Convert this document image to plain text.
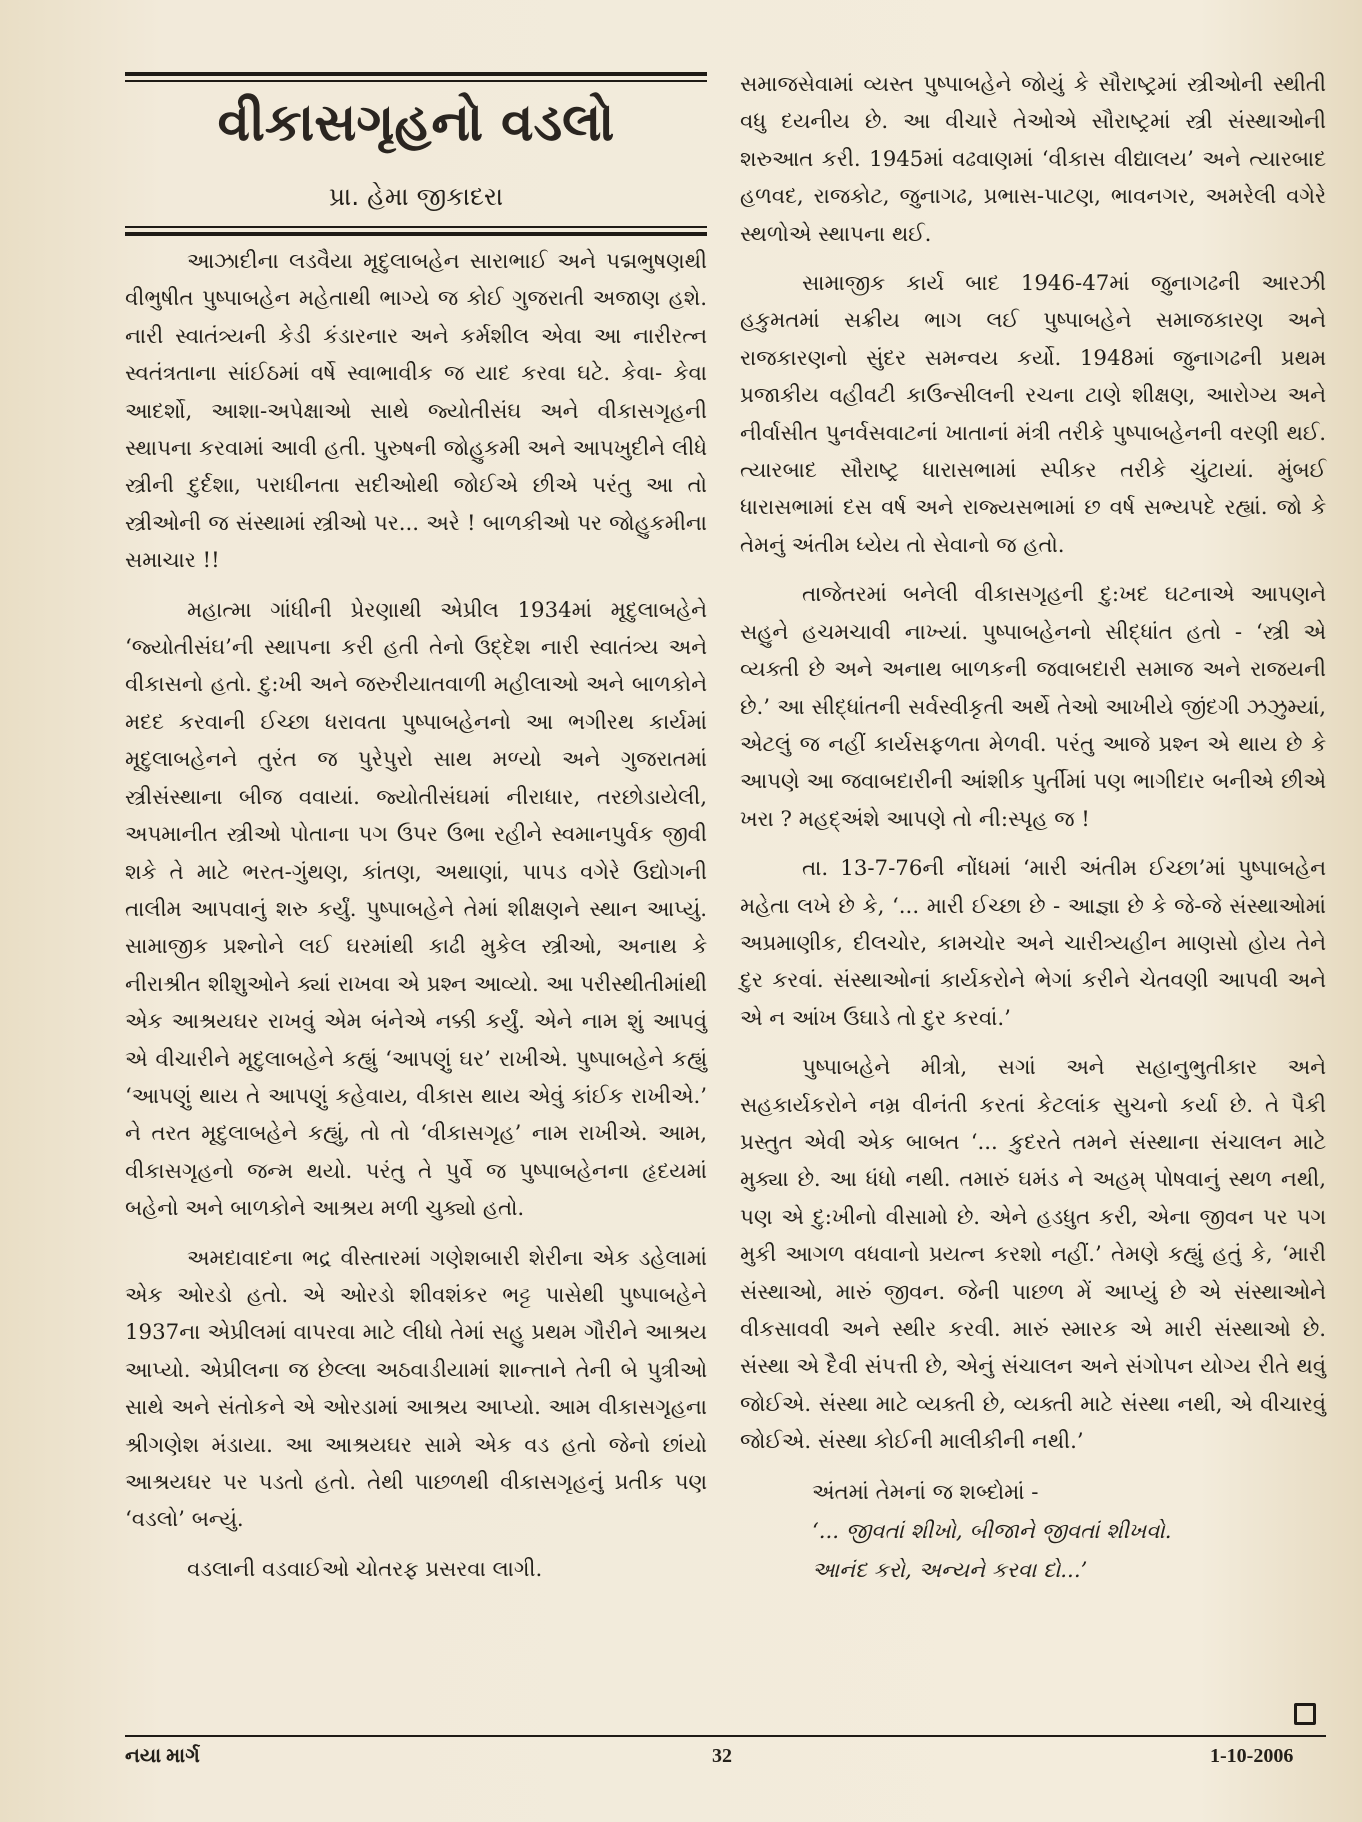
વીકાસગૃહનો વડલો
પ્રા. હેમા જીકાદરા

આઝાદીના લડવૈયા મૃદુલાબહેન સારાભાઈ અને પદ્મભુષણથી વીભુષીત પુષ્પાબહેન મહેતાથી ભાગ્યે જ કોઈ ગુજરાતી અજાણ હશે. નારી સ્વાતંત્ર્યની કેડી કંડારનાર અને કર્મશીલ એવા આ નારીરત્ન સ્વતંત્રતાના સાંઈઠમાં વર્ષે સ્વાભાવીક જ યાદ કરવા ઘટે. કેવા- કેવા આદર્શો, આશા-અપેક્ષાઓ સાથે જ્યોતીસંઘ અને વીકાસગૃહની સ્થાપના કરવામાં આવી હતી. પુરુષની જોહુકમી અને આપખુદીને લીધે સ્ત્રીની દુર્દશા, પરાધીનતા સદીઓથી જોઈએ છીએ પરંતુ આ તો સ્ત્રીઓની જ સંસ્થામાં સ્ત્રીઓ પર... અરે ! બાળકીઓ પર જોહુકમીના સમાચાર !!

મહાત્મા ગાંધીની પ્રેરણાથી એપ્રીલ 1934માં મૃદુલાબહેને ‘જ્યોતીસંઘ’ની સ્થાપના કરી હતી તેનો ઉદ્દેશ નારી સ્વાતંત્ર્ય અને વીકાસનો હતો. દુ:ખી અને જરુરીયાતવાળી મહીલાઓ અને બાળકોને મદદ કરવાની ઈચ્છા ધરાવતા પુષ્પાબહેનનો આ ભગીરથ કાર્યમાં મૃદુલાબહેનને તુરંત જ પુરેપુરો સાથ મળ્યો અને ગુજરાતમાં સ્ત્રીસંસ્થાના બીજ વવાયાં. જ્યોતીસંઘમાં નીરાધાર, તરછોડાયેલી, અપમાનીત સ્ત્રીઓ પોતાના પગ ઉપર ઉભા રહીને સ્વમાનપુર્વક જીવી શકે તે માટે ભરત-ગુંથણ, કાંતણ, અથાણાં, પાપડ વગેરે ઉદ્યોગની તાલીમ આપવાનું શરુ કર્યું. પુષ્પાબહેને તેમાં શીક્ષણને સ્થાન આપ્યું. સામાજીક પ્રશ્નોને લઈ ઘરમાંથી કાઢી મુકેલ સ્ત્રીઓ, અનાથ કે નીરાશ્રીત શીશુઓને ક્યાં રાખવા એ પ્રશ્ન આવ્યો. આ પરીસ્થીતીમાંથી એક આશ્રયઘર રાખવું એમ બંનેએ નક્કી કર્યું. એને નામ શું આપવું એ વીચારીને મૃદુલાબહેને કહ્યું ‘આપણું ઘર’ રાખીએ. પુષ્પાબહેને કહ્યું ‘આપણું થાય તે આપણું કહેવાય, વીકાસ થાય એવું કાંઈક રાખીએ.’ ને તરત મૃદુલાબહેને કહ્યું, તો તો ‘વીકાસગૃહ’ નામ રાખીએ. આમ, વીકાસગૃહનો જન્મ થયો. પરંતુ તે પુર્વે જ પુષ્પાબહેનના હૃદયમાં બહેનો અને બાળકોને આશ્રય મળી ચુક્યો હતો.

અમદાવાદના ભદ્ર વીસ્તારમાં ગણેશબારી શેરીના એક ડહેલામાં એક ઓરડો હતો. એ ઓરડો શીવશંકર ભટ્ટ પાસેથી પુષ્પાબહેને 1937ના એપ્રીલમાં વાપરવા માટે લીધો તેમાં સહુ પ્રથમ ગૌરીને આશ્રય આપ્યો. એપ્રીલના જ છેલ્લા અઠવાડીયામાં શાન્તાને તેની બે પુત્રીઓ સાથે અને સંતોકને એ ઓરડામાં આશ્રય આપ્યો. આમ વીકાસગૃહના શ્રીગણેશ મંડાયા. આ આશ્રયઘર સામે એક વડ હતો જેનો છાંયો આશ્રયઘર પર પડતો હતો. તેથી પાછળથી વીકાસગૃહનું પ્રતીક પણ ‘વડલો’ બન્યું.

વડલાની વડવાઈઓ ચોતરફ પ્રસરવા લાગી.

સમાજસેવામાં વ્યસ્ત પુષ્પાબહેને જોયું કે સૌરાષ્ટ્રમાં સ્ત્રીઓની સ્થીતી વધુ દયનીય છે. આ વીચારે તેઓએ સૌરાષ્ટ્રમાં સ્ત્રી સંસ્થાઓની શરુઆત કરી. 1945માં વઢવાણમાં ‘વીકાસ વીદ્યાલય’ અને ત્યારબાદ હળવદ, રાજકોટ, જુનાગઢ, પ્રભાસ-પાટણ, ભાવનગર, અમરેલી વગેરે સ્થળોએ સ્થાપના થઈ.

સામાજીક કાર્ય બાદ 1946-47માં જુનાગઢની આરઝી હકુમતમાં સક્રીય ભાગ લઈ પુષ્પાબહેને સમાજકારણ અને રાજકારણનો સુંદર સમન્વય કર્યો. 1948માં જુનાગઢની પ્રથમ પ્રજાકીય વહીવટી કાઉન્સીલની રચના ટાણે શીક્ષણ, આરોગ્ય અને નીર્વાસીત પુનર્વસવાટનાં ખાતાનાં મંત્રી તરીકે પુષ્પાબહેનની વરણી થઈ. ત્યારબાદ સૌરાષ્ટ્ર ધારાસભામાં સ્પીકર તરીકે ચુંટાયાં. મુંબઈ ધારાસભામાં દસ વર્ષ અને રાજ્યસભામાં છ વર્ષ સભ્યપદે રહ્યાં. જો કે તેમનું અંતીમ ધ્યેય તો સેવાનો જ હતો.

તાજેતરમાં બનેલી વીકાસગૃહની દુ:ખદ ઘટનાએ આપણને સહુને હચમચાવી નાખ્યાં. પુષ્પાબહેનનો સીદ્ધાંત હતો - ‘સ્ત્રી એ વ્યક્તી છે અને અનાથ બાળકની જવાબદારી સમાજ અને રાજયની છે.’ આ સીદ્ધાંતની સર્વસ્વીકૃતી અર્થે તેઓ આખીયે જીંદગી ઝઝુમ્યાં, એટલું જ નહીં કાર્યસફળતા મેળવી. પરંતુ આજે પ્રશ્ન એ થાય છે કે આપણે આ જવાબદારીની આંશીક પુર્તીમાં પણ ભાગીદાર બનીએ છીએ ખરા ? મહદ્અંશે આપણે તો ની:સ્પૃહ જ !

તા. 13-7-76ની નોંધમાં ‘મારી અંતીમ ઈચ્છા’માં પુષ્પાબહેન મહેતા લખે છે કે, ‘... મારી ઈચ્છા છે - આજ્ઞા છે કે જે-જે સંસ્થાઓમાં અપ્રમાણીક, દીલચોર, કામચોર અને ચારીત્ર્યહીન માણસો હોય તેને દુર કરવાં. સંસ્થાઓનાં કાર્યકરોને ભેગાં કરીને ચેતવણી આપવી અને એ ન આંખ ઉઘાડે તો દુર કરવાં.’

પુષ્પાબહેને મીત્રો, સગાં અને સહાનુભુતીકાર અને સહકાર્યકરોને નમ્ર વીનંતી કરતાં કેટલાંક સુચનો કર્યા છે. તે પૈકી પ્રસ્તુત એવી એક બાબત ‘... કુદરતે તમને સંસ્થાના સંચાલન માટે મુક્યા છે. આ ધંધો નથી. તમારું ઘમંડ ને અહમ્ પોષવાનું સ્થળ નથી, પણ એ દુ:ખીનો વીસામો છે. એને હડધુત કરી, એના જીવન પર પગ મુકી આગળ વધવાનો પ્રયત્ન કરશો નહીં.’ તેમણે કહ્યું હતું કે, ‘મારી સંસ્થાઓ, મારું જીવન. જેની પાછળ મેં આપ્યું છે એ સંસ્થાઓને વીકસાવવી અને સ્થીર કરવી. મારું સ્મારક એ મારી સંસ્થાઓ છે. સંસ્થા એ દૈવી સંપત્તી છે, એનું સંચાલન અને સંગોપન યોગ્ય રીતે થવું જોઈએ. સંસ્થા માટે વ્યક્તી છે, વ્યક્તી માટે સંસ્થા નથી, એ વીચારવું જોઈએ. સંસ્થા કોઈની માલીકીની નથી.’

અંતમાં તેમનાં જ શબ્દોમાં -

‘... જીવતાં શીખો, બીજાને જીવતાં શીખવો.

આનંદ કરો, અન્યને કરવા દો...’

નયા માર્ગ	32	1-10-2006
